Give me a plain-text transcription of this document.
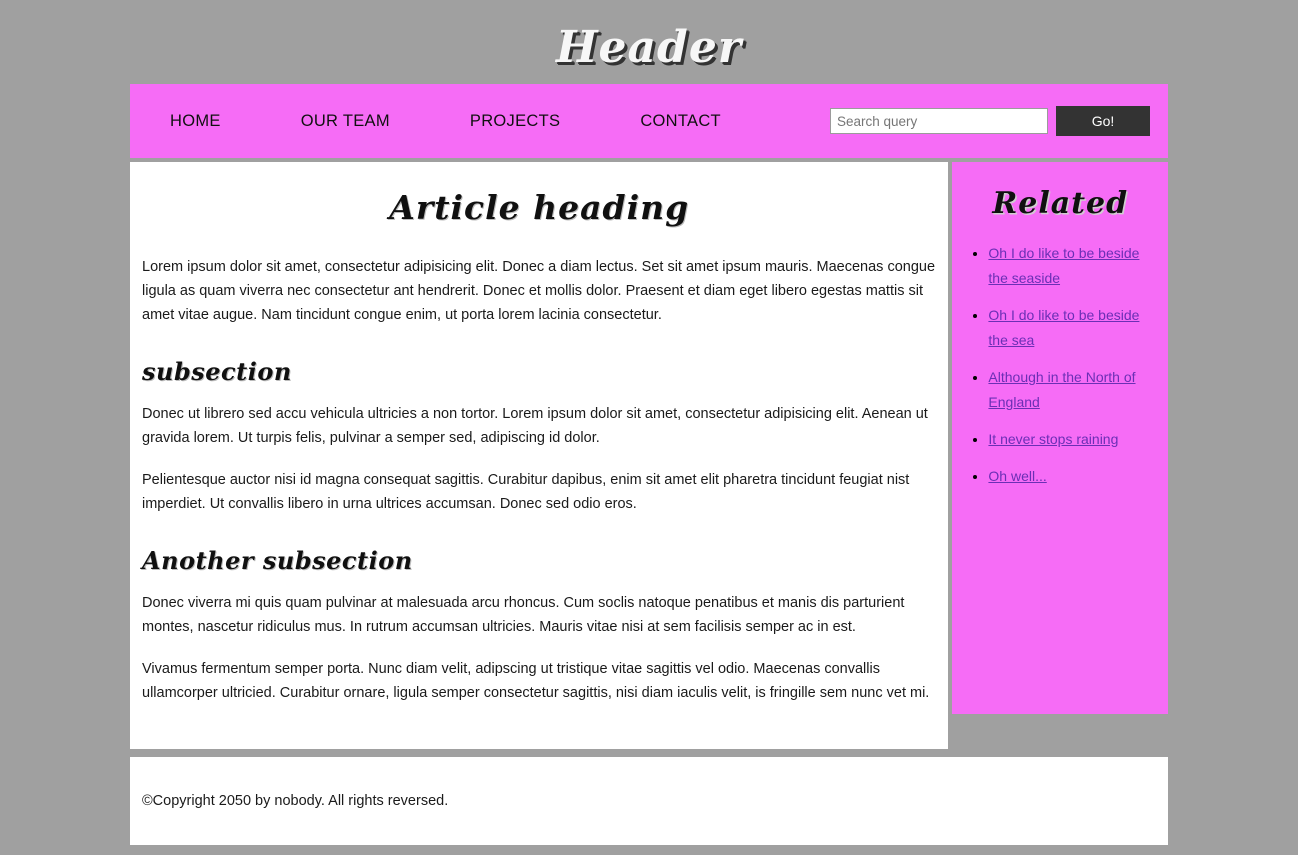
Header
HOME	OUR TEAM	PROJECTS	CONTACT
Search query	Go!
Article heading

Lorem ipsum dolor sit amet, consectetur adipisicing elit. Donec a diam lectus. Set sit amet ipsum mauris. Maecenas congue ligula as quam viverra nec consectetur ant hendrerit. Donec et mollis dolor. Praesent et diam eget libero egestas mattis sit amet vitae augue. Nam tincidunt congue enim, ut porta lorem lacinia consectetur.

subsection

Donec ut librero sed accu vehicula ultricies a non tortor. Lorem ipsum dolor sit amet, consectetur adipisicing elit. Aenean ut gravida lorem. Ut turpis felis, pulvinar a semper sed, adipiscing id dolor.

Pelientesque auctor nisi id magna consequat sagittis. Curabitur dapibus, enim sit amet elit pharetra tincidunt feugiat nist imperdiet. Ut convallis libero in urna ultrices accumsan. Donec sed odio eros.

Another subsection

Donec viverra mi quis quam pulvinar at malesuada arcu rhoncus. Cum soclis natoque penatibus et manis dis parturient montes, nascetur ridiculus mus. In rutrum accumsan ultricies. Mauris vitae nisi at sem facilisis semper ac in est.

Vivamus fermentum semper porta. Nunc diam velit, adipscing ut tristique vitae sagittis vel odio. Maecenas convallis ullamcorper ultricied. Curabitur ornare, ligula semper consectetur sagittis, nisi diam iaculis velit, is fringille sem nunc vet mi.

Related
• Oh I do like to be beside the seaside
• Oh I do like to be beside the sea
• Although in the North of England
• It never stops raining
• Oh well...
©Copyright 2050 by nobody. All rights reversed.
